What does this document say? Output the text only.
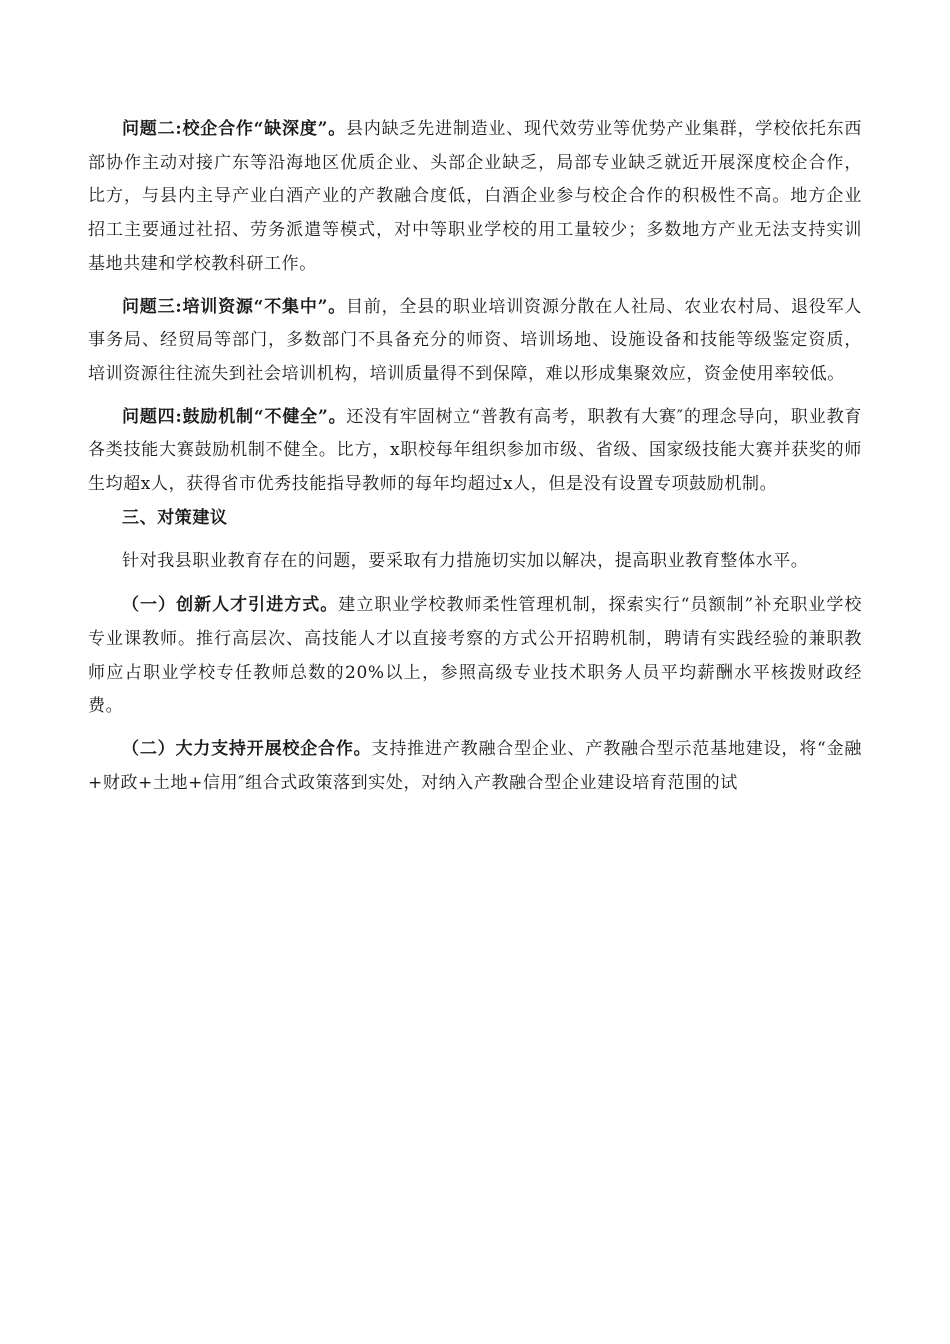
问题二:校企合作“缺深度”。县内缺乏先进制造业、现代效劳业等优势产业集群，学校依托东西部协作主动对接广东等沿海地区优质企业、头部企业缺乏，局部专业缺乏就近开展深度校企合作，比方，与县内主导产业白酒产业的产教融合度低，白酒企业参与校企合作的积极性不高。地方企业招工主要通过社招、劳务派遣等模式，对中等职业学校的用工量较少；多数地方产业无法支持实训基地共建和学校教科研工作。

问题三:培训资源“不集中”。目前，全县的职业培训资源分散在人社局、农业农村局、退役军人事务局、经贸局等部门，多数部门不具备充分的师资、培训场地、设施设备和技能等级鉴定资质，培训资源往往流失到社会培训机构，培训质量得不到保障，难以形成集聚效应，资金使用率较低。

问题四:鼓励机制“不健全”。还没有牢固树立“普教有高考，职教有大赛″的理念导向，职业教育各类技能大赛鼓励机制不健全。比方，x职校每年组织参加市级、省级、国家级技能大赛并获奖的师生均超x人，获得省市优秀技能指导教师的每年均超过x人，但是没有设置专项鼓励机制。

三、对策建议

针对我县职业教育存在的问题，要采取有力措施切实加以解决，提高职业教育整体水平。

（一）创新人才引进方式。建立职业学校教师柔性管理机制，探索实行“员额制”补充职业学校专业课教师。推行高层次、高技能人才以直接考察的方式公开招聘机制，聘请有实践经验的兼职教师应占职业学校专任教师总数的20%以上，参照高级专业技术职务人员平均薪酬水平核拨财政经费。

（二）大力支持开展校企合作。支持推进产教融合型企业、产教融合型示范基地建设，将“金融+财政+土地+信用″组合式政策落到实处，对纳入产教融合型企业建设培育范围的试
